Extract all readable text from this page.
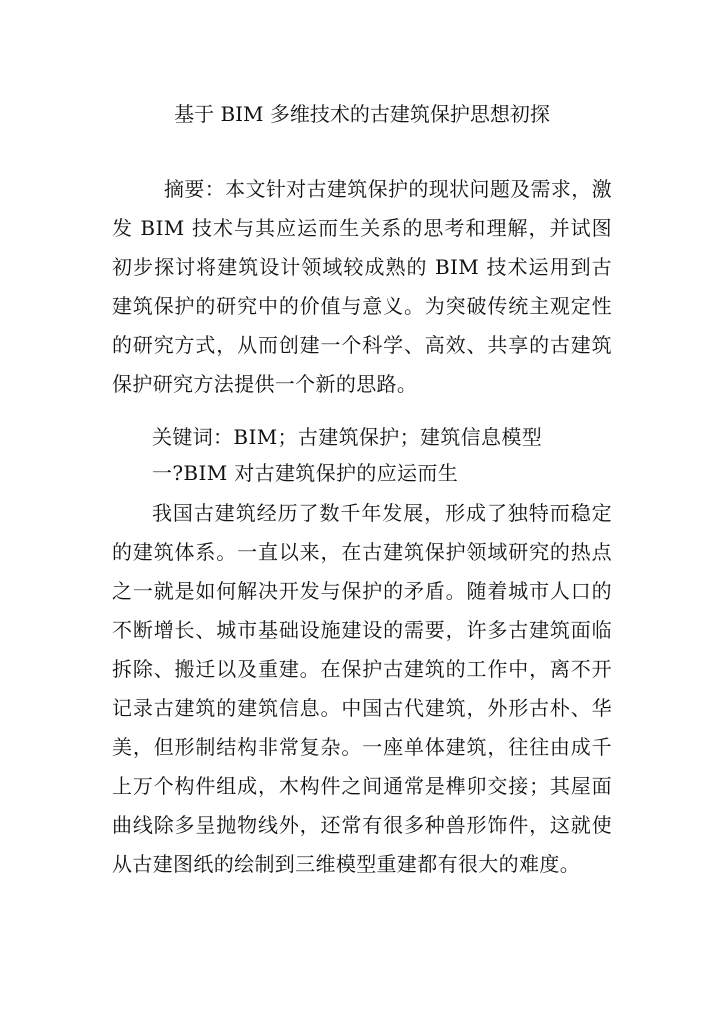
基于 BIM 多维技术的古建筑保护思想初探
摘要：本文针对古建筑保护的现状问题及需求，激发 BIM 技术与其应运而生关系的思考和理解，并试图初步探讨将建筑设计领域较成熟的 BIM 技术运用到古建筑保护的研究中的价值与意义。为突破传统主观定性的研究方式，从而创建一个科学、高效、共享的古建筑保护研究方法提供一个新的思路。
关键词：BIM；古建筑保护；建筑信息模型
一?BIM 对古建筑保护的应运而生
我国古建筑经历了数千年发展，形成了独特而稳定的建筑体系。一直以来，在古建筑保护领域研究的热点之一就是如何解决开发与保护的矛盾。随着城市人口的不断增长、城市基础设施建设的需要，许多古建筑面临拆除、搬迁以及重建。在保护古建筑的工作中，离不开记录古建筑的建筑信息。中国古代建筑，外形古朴、华美，但形制结构非常复杂。一座单体建筑，往往由成千上万个构件组成，木构件之间通常是榫卯交接；其屋面曲线除多呈抛物线外，还常有很多种兽形饰件，这就使从古建图纸的绘制到三维模型重建都有很大的难度。
